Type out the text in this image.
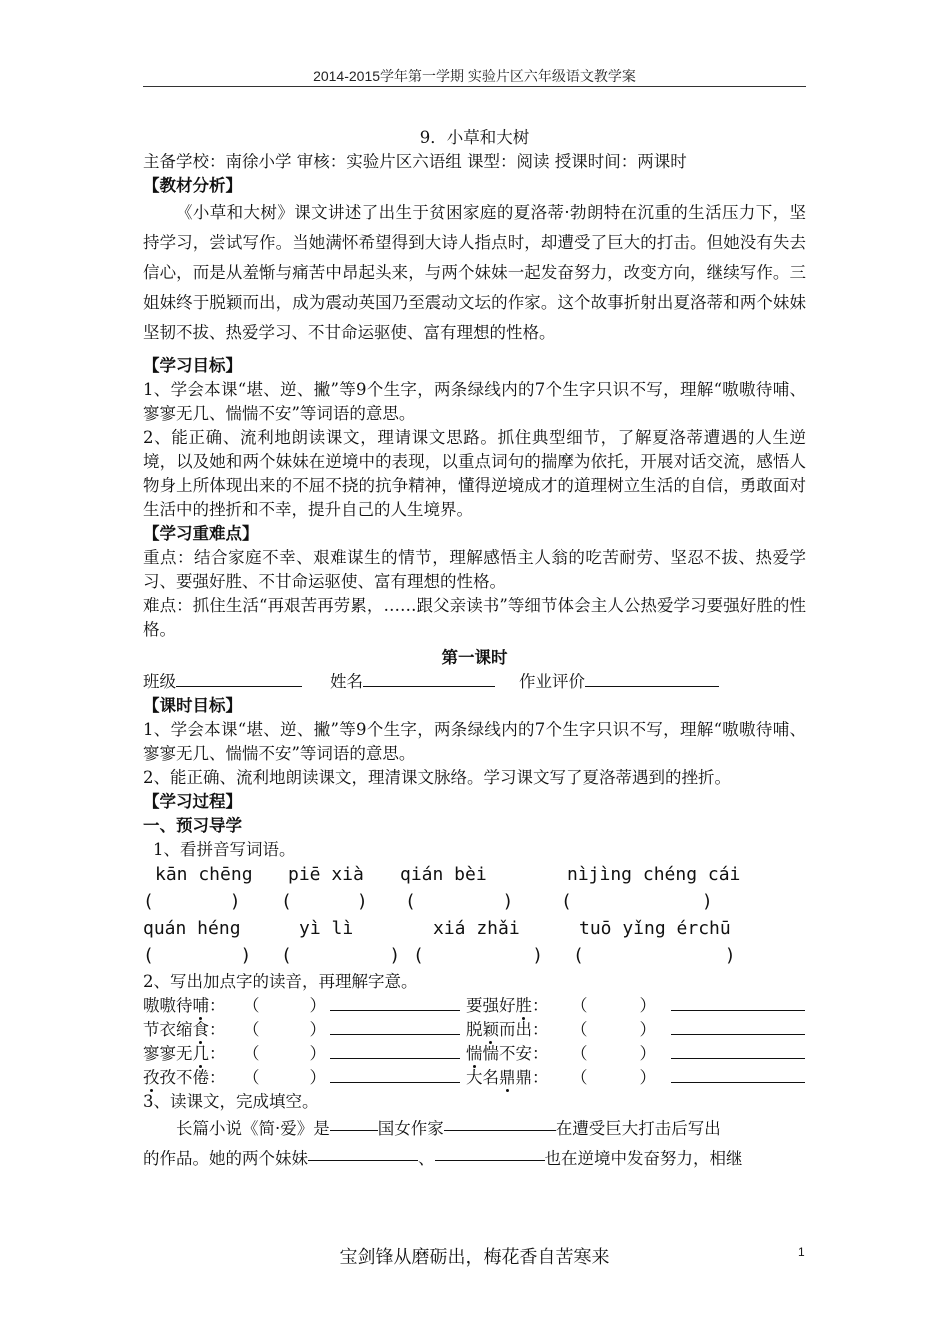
2014-2015学年第一学期 实验片区六年级语文教学案
9．小草和大树
主备学校：南徐小学 审核：实验片区六语组 课型：阅读 授课时间：两课时
【教材分析】
《小草和大树》课文讲述了出生于贫困家庭的夏洛蒂·勃朗特在沉重的生活压力下，坚持学习，尝试写作。当她满怀希望得到大诗人指点时，却遭受了巨大的打击。但她没有失去信心，而是从羞惭与痛苦中昂起头来，与两个妹妹一起发奋努力，改变方向，继续写作。三姐妹终于脱颖而出，成为震动英国乃至震动文坛的作家。这个故事折射出夏洛蒂和两个妹妹坚韧不拔、热爱学习、不甘命运驱使、富有理想的性格。
【学习目标】
1、学会本课“堪、逆、撇”等9个生字，两条绿线内的7个生字只识不写，理解“嗷嗷待哺、寥寥无几、惴惴不安”等词语的意思。
2、能正确、流利地朗读课文，理请课文思路。抓住典型细节，了解夏洛蒂遭遇的人生逆境，以及她和两个妹妹在逆境中的表现，以重点词句的揣摩为依托，开展对话交流，感悟人物身上所体现出来的不屈不挠的抗争精神，懂得逆境成才的道理树立生活的自信，勇敢面对生活中的挫折和不幸，提升自己的人生境界。
【学习重难点】
重点：结合家庭不幸、艰难谋生的情节，理解感悟主人翁的吃苦耐劳、坚忍不拔、热爱学习、要强好胜、不甘命运驱使、富有理想的性格。
难点：抓住生活“再艰苦再劳累，……跟父亲读书”等细节体会主人公热爱学习要强好胜的性格。
第一课时
班级	姓名	作业评价
【课时目标】
1、学会本课“堪、逆、撇”等9个生字，两条绿线内的7个生字只识不写，理解“嗷嗷待哺、寥寥无几、惴惴不安”等词语的意思。
2、能正确、流利地朗读课文，理清课文脉络。学习课文写了夏洛蒂遇到的挫折。
【学习过程】
一、预习导学
1、看拼音写词语。
kān chēng piē xià qián bèi	nìjìng chéng cái
(       ) (      ) (        )	(            )
quán héng	yì lì	xiá zhǎi	tuō yǐng érchū
(        ) (         ) (          ) (             )
2、写出加点字的读音，再理解字意。
嗷嗷待哺：	（	）	要强好胜：	（	）
节衣缩食：	（	）	脱颖而出：	（	）
寥寥无几：	（	）	惴惴不安：	（	）
孜孜不倦：	（	）	大名鼎鼎：	（	）
3、读课文，完成填空。
长篇小说《简·爱》是	国女作家	在遭受巨大打击后写出
的作品。她的两个妹妹	、	也在逆境中发奋努力，相继
宝剑锋从磨砺出，梅花香自苦寒来	1
